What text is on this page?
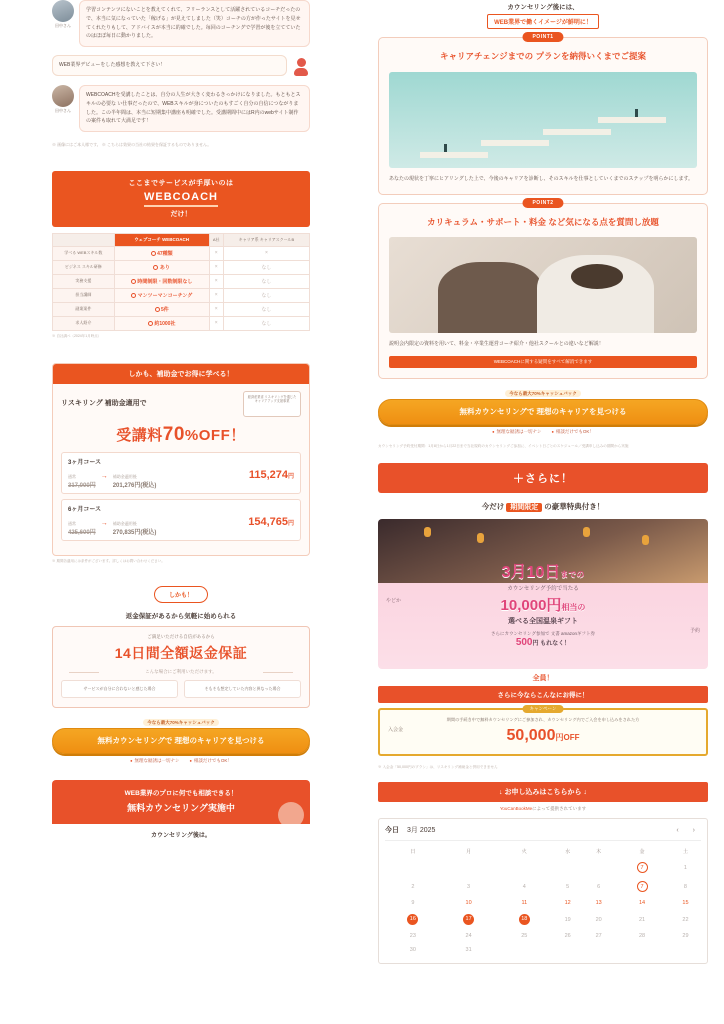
田中さん
学習コンテンツにないことを教えてくれて、フリーランスとして活躍されているコーチだったので、本当に気になっていた「稼げる」が見えてしました（笑）コーチの方が作ったサイトを見せてくれたりもして、アドバイスが本当に的確でした。毎回のコーチングで学習が後を立てていたのはほぼ毎日に動かりました。
WEB業界デビューをした感想を教えて下さい！
田中さん
WEBCOACHを受講したことは、自分の人生が大きく変わるきっかけになりました。もともとスキルの必要な い仕事だったので、WEBスキルが身についたのもすごく自分の自信につながりました。この半年間は、本当に短期集中講座も明確でした。受講期間中にはR内のwebサイト制作の案件も取れて大満足です！
※ 画像にはご本人様です。 ※ こちらは効果の当社の結果を保証するものでありません。
ここまでサービスが手厚いのは
WEBCOACH
だけ！
	ウェブコーチ WEBCOACH	A社	キャリア系 キャリアスクールB
学べる WEBスキル数	47種類	×	×
ビジネス スキル研修	あり	×	なし
実務支援	時間制限・回数制限なし	×	なし
担当講師	マンツーマンコーチング	×	なし
副業案件	5件	×	なし
求人紹介	約1000社	×	なし
※ 自社調べ（2024年1月時点）
しかも、補助金でお得に学べる！
リスキリング 補助金適用で
経済産業省 リスキリングを通じた キャリアアップ支援事業
受講料70%OFF！
3ヶ月コース
通常
317,000円
→ 補助金適用後
201,276円(税込)
115,274円
6ヶ月コース
通常
425,600円
→ 補助金適用後
270,835円(税込)
154,765円
※ 期間各適用には条件がございます。詳しくはお問い合わせください。
しかも！
返金保証があるから気軽に始められる
ご満足いただける自信があるから
14日間全額返金保証
こんな場合にご利用いただけます。
サービスが自分に合わないと感じた場合	そもそも想定していた内容と異なった場合
今なら最大70%キャッシュバック
無料カウンセリングで 理想のキャリアを見つける
● 無理な勧誘は一切ナシ	● 相談だけでもOK！
WEB業界のプロに何でも相談できる！
無料カウンセリング実施中
カウンセリング後は。
カウンセリング後には、
WEB業界で働くイメージが鮮明に！
POINT1
キャリアチェンジまでの プランを納得いくまでご提案
あなたの現状を丁寧にヒアリングした上で、今後のキャリアを診断し、そのスキルを仕事としていくまでのステップを明らかにします。
POINT2
カリキュラム・サポート・料金 など気になる点を質問し放題
説明会内限定の資料を用いて、料金・卒業生運営コーチ紹介・他社スクールとの違いなど解説！
WEBCOACHに関する疑問をすべて解消できます
今なら最大70%キャッシュバック
無料カウンセリングで 理想のキャリアを見つける
● 無理な勧誘は一切ナシ	● 相談だけでもOK！
カウンセリング予約受付期間：1月8日から1月22日まで当社規約のカウンセリングご参加に、イベント日ごとのスケジュール／受講申し込みの期間から実施
＋さらに！
今だけ 期間限定 の豪華特典付き！
やどか
予約
3月10日までの
カウンセリング予約で当たる
10,000円相当の
選べる全国温泉ギフト
さらにカウンセリング参加で 文書 amazonギフト券
500円 もれなく！
全員！
さらに今ならこんなにお得に！
キャンペーン
期間の手続き中で無料カウンセリングにご参加され、カウンセリング内でご入会を申し込みをされた方
入会金	50,000円OFF
※ 入会金「50,000円のプラン」は、リスキリング補助金と併用できません
↓ お申し込みはこちらから ↓
YouCanBookMeによって提供されています
今日 3月 2025	‹ ›
日	月	火	水	木	金	土
					7	1
2	3	4	5	6	7	8
9	10	11	12	13	14	15
16	17	18	19	20	21	22
23	24	25	26	27	28	29
30	31					
